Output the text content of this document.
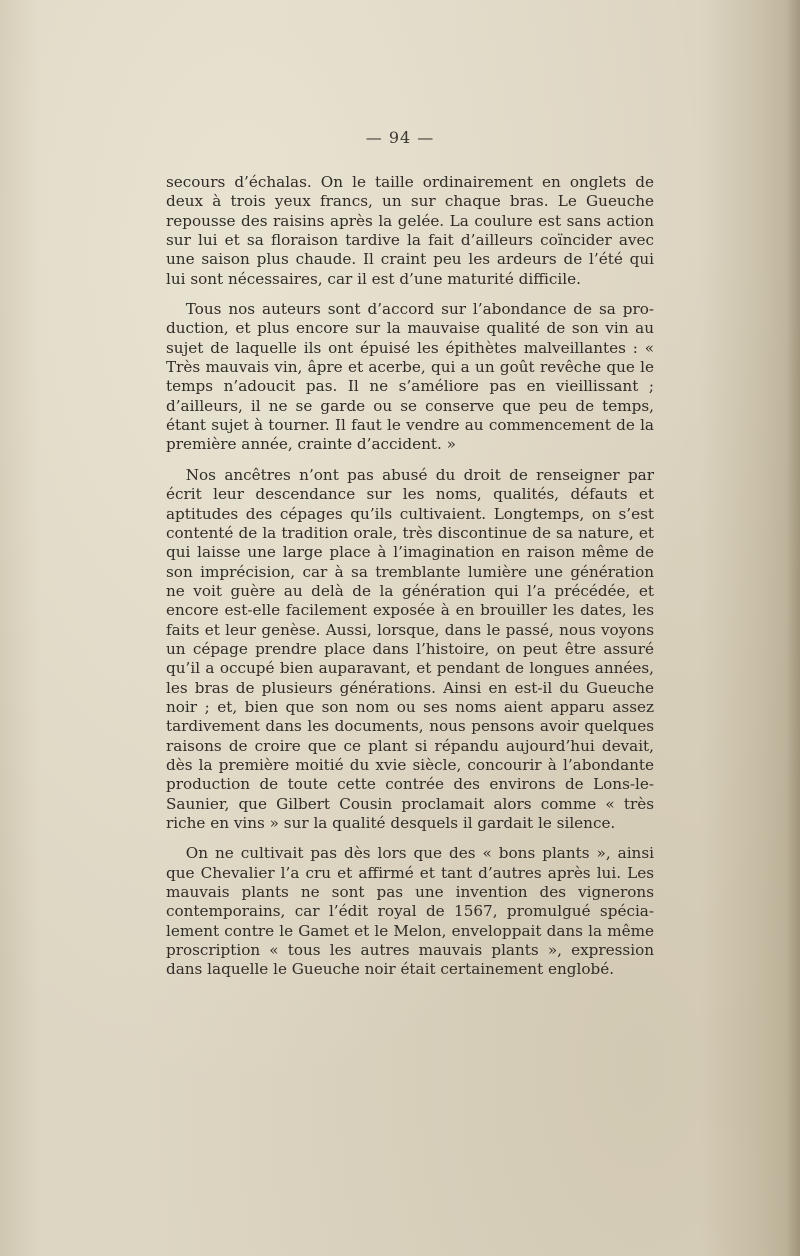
— 94 —

secours d’échalas. On le taille ordinairement en onglets de deux à trois yeux francs, un sur chaque bras. Le Gueuche repousse des raisins après la gelée. La coulure est sans action sur lui et sa floraison tardive la fait d’ailleurs coïncider avec une saison plus chaude. Il craint peu les ardeurs de l’été qui lui sont nécessaires, car il est d’une maturité difficile.

Tous nos auteurs sont d’accord sur l’abondance de sa production, et plus encore sur la mauvaise qualité de son vin au sujet de laquelle ils ont épuisé les épithètes malveillantes : « Très mauvais vin, âpre et acerbe, qui a un goût revêche que le temps n’adoucit pas. Il ne s’améliore pas en vieillissant ; d’ailleurs, il ne se garde ou se conserve que peu de temps, étant sujet à tourner. Il faut le vendre au commencement de la première année, crainte d’accident. »

Nos ancêtres n’ont pas abusé du droit de renseigner par écrit leur descendance sur les noms, qualités, défauts et aptitudes des cépages qu’ils cultivaient. Longtemps, on s’est contenté de la tradition orale, très discontinue de sa nature, et qui laisse une large place à l’imagination en raison même de son imprécision, car à sa tremblante lumière une génération ne voit guère au delà de la génération qui l’a précédée, et encore est-elle facilement exposée à en brouiller les dates, les faits et leur genèse. Aussi, lorsque, dans le passé, nous voyons un cépage prendre place dans l’histoire, on peut être assuré qu’il a occupé bien auparavant, et pendant de longues années, les bras de plusieurs générations. Ainsi en est-il du Gueuche noir ; et, bien que son nom ou ses noms aient apparu assez tardivement dans les documents, nous pensons avoir quelques raisons de croire que ce plant si répandu aujourd’hui devait, dès la première moitié du xvie siècle, concourir à l’abondante production de toute cette contrée des environs de Lons-le-Saunier, que Gilbert Cousin proclamait alors comme « très riche en vins » sur la qualité desquels il gardait le silence.

On ne cultivait pas dès lors que des « bons plants », ainsi que Chevalier l’a cru et affirmé et tant d’autres après lui. Les mauvais plants ne sont pas une invention des vignerons contemporains, car l’édit royal de 1567, promulgué spécialement contre le Gamet et le Melon, enveloppait dans la même proscription « tous les autres mauvais plants », expression dans laquelle le Gueuche noir était certainement englobé.
